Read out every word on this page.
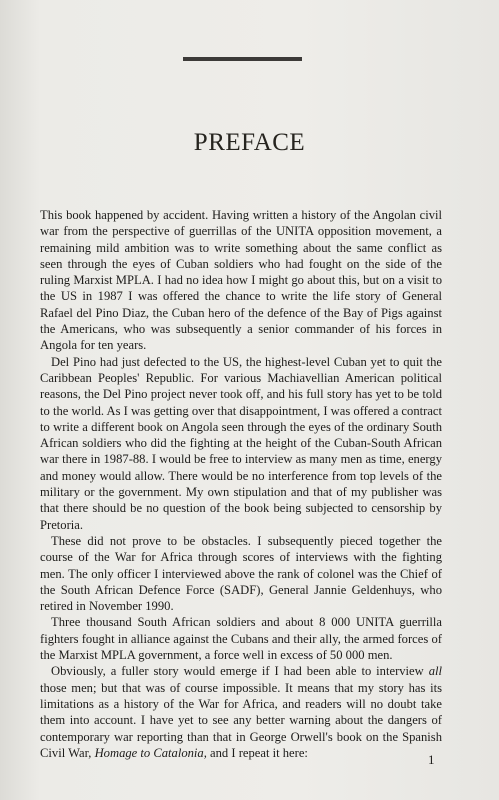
PREFACE

This book happened by accident. Having written a history of the Angolan civil war from the perspective of guerrillas of the UNITA opposition movement, a remaining mild ambition was to write something about the same conflict as seen through the eyes of Cuban soldiers who had fought on the side of the ruling Marxist MPLA. I had no idea how I might go about this, but on a visit to the US in 1987 I was offered the chance to write the life story of General Rafael del Pino Diaz, the Cuban hero of the defence of the Bay of Pigs against the Americans, who was subsequently a senior commander of his forces in Angola for ten years.

Del Pino had just defected to the US, the highest-level Cuban yet to quit the Caribbean Peoples' Republic. For various Machiavellian American political reasons, the Del Pino project never took off, and his full story has yet to be told to the world. As I was getting over that disappointment, I was offered a contract to write a different book on Angola seen through the eyes of the ordinary South African soldiers who did the fighting at the height of the Cuban-South African war there in 1987-88. I would be free to interview as many men as time, energy and money would allow. There would be no interference from top levels of the military or the government. My own stipulation and that of my publisher was that there should be no question of the book being subjected to censorship by Pretoria.

These did not prove to be obstacles. I subsequently pieced together the course of the War for Africa through scores of interviews with the fighting men. The only officer I interviewed above the rank of colonel was the Chief of the South African Defence Force (SADF), General Jannie Geldenhuys, who retired in November 1990.

Three thousand South African soldiers and about 8 000 UNITA guerrilla fighters fought in alliance against the Cubans and their ally, the armed forces of the Marxist MPLA government, a force well in excess of 50 000 men.

Obviously, a fuller story would emerge if I had been able to interview all those men; but that was of course impossible. It means that my story has its limitations as a history of the War for Africa, and readers will no doubt take them into account. I have yet to see any better warning about the dangers of contemporary war reporting than that in George Orwell's book on the Spanish Civil War, Homage to Catalonia, and I repeat it here:	1
